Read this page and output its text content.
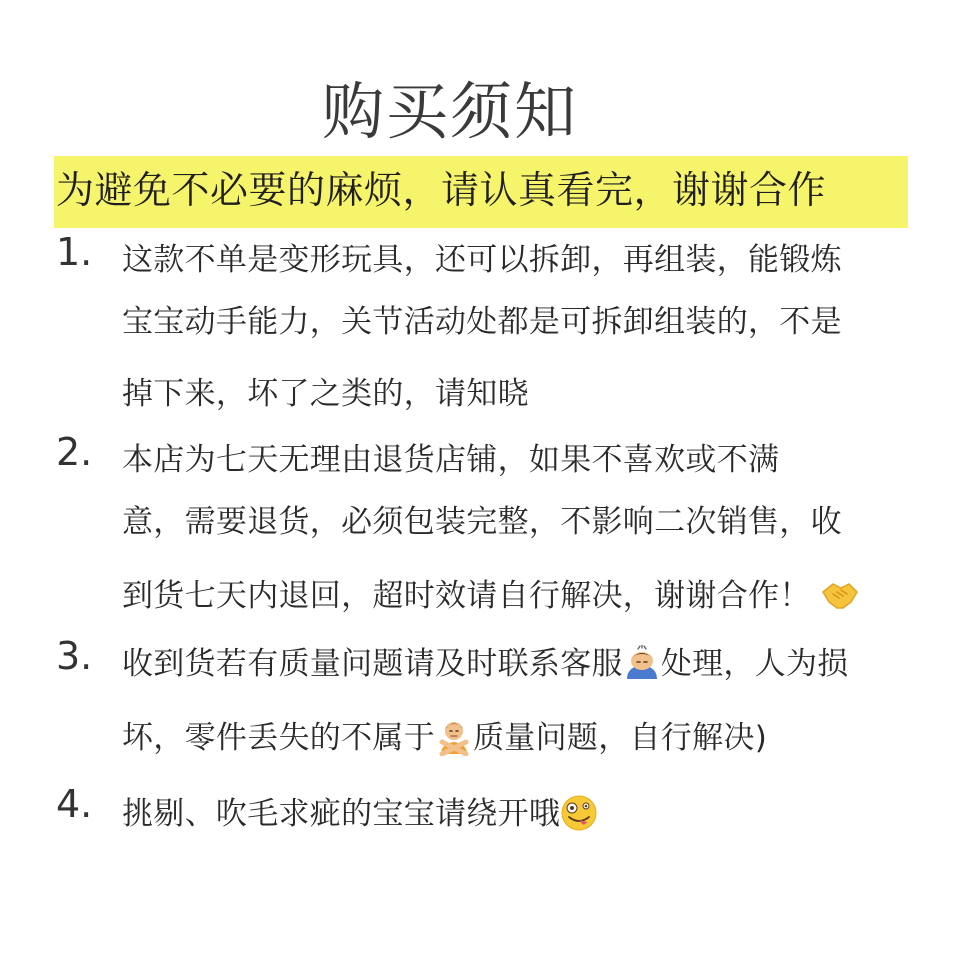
购买须知
为避免不必要的麻烦，请认真看完，谢谢合作
1. 这款不单是变形玩具，还可以拆卸，再组装，能锻炼
宝宝动手能力，关节活动处都是可拆卸组装的，不是
掉下来，坏了之类的，请知晓
2. 本店为七天无理由退货店铺，如果不喜欢或不满
意，需要退货，必须包装完整，不影响二次销售，收
到货七天内退回，超时效请自行解决，谢谢合作！
3. 收到货若有质量问题请及时联系客服 处理，人为损
坏，零件丢失的不属于 质量问题，自行解决)
4. 挑剔、吹毛求疵的宝宝请绕开哦
